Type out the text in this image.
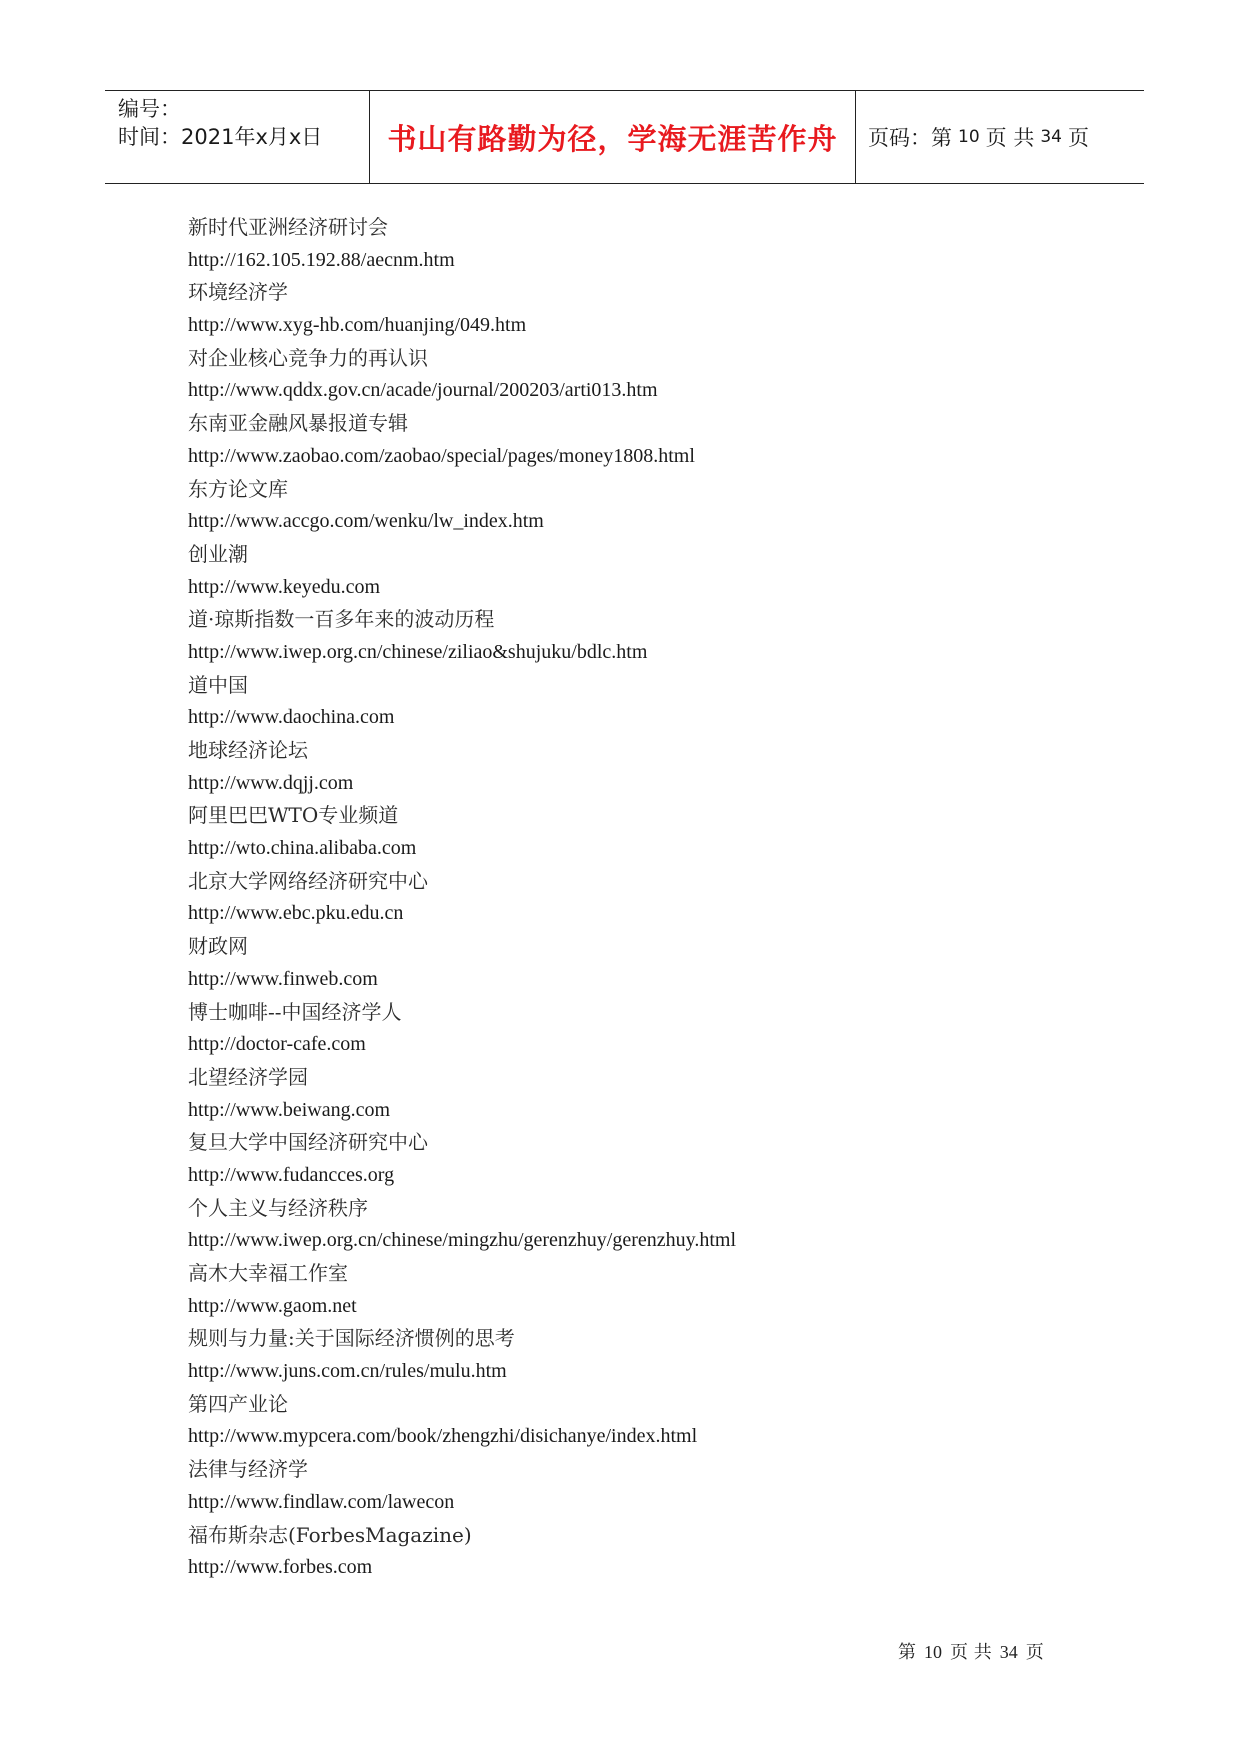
编号：
时间：2021年x月x日	书山有路勤为径，学海无涯苦作舟	页码：第 10 页 共 34 页
新时代亚洲经济研讨会
http://162.105.192.88/aecnm.htm
环境经济学
http://www.xyg-hb.com/huanjing/049.htm
对企业核心竞争力的再认识
http://www.qddx.gov.cn/acade/journal/200203/arti013.htm
东南亚金融风暴报道专辑
http://www.zaobao.com/zaobao/special/pages/money1808.html
东方论文库
http://www.accgo.com/wenku/lw_index.htm
创业潮
http://www.keyedu.com
道·琼斯指数一百多年来的波动历程
http://www.iwep.org.cn/chinese/ziliao&shujuku/bdlc.htm
道中国
http://www.daochina.com
地球经济论坛
http://www.dqjj.com
阿里巴巴WTO专业频道
http://wto.china.alibaba.com
北京大学网络经济研究中心
http://www.ebc.pku.edu.cn
财政网
http://www.finweb.com
博士咖啡--中国经济学人
http://doctor-cafe.com
北望经济学园
http://www.beiwang.com
复旦大学中国经济研究中心
http://www.fudancces.org
个人主义与经济秩序
http://www.iwep.org.cn/chinese/mingzhu/gerenzhuy/gerenzhuy.html
高木大幸福工作室
http://www.gaom.net
规则与力量:关于国际经济惯例的思考
http://www.juns.com.cn/rules/mulu.htm
第四产业论
http://www.mypcera.com/book/zhengzhi/disichanye/index.html
法律与经济学
http://www.findlaw.com/lawecon
福布斯杂志(ForbesMagazine)
http://www.forbes.com
第 10 页 共 34 页
